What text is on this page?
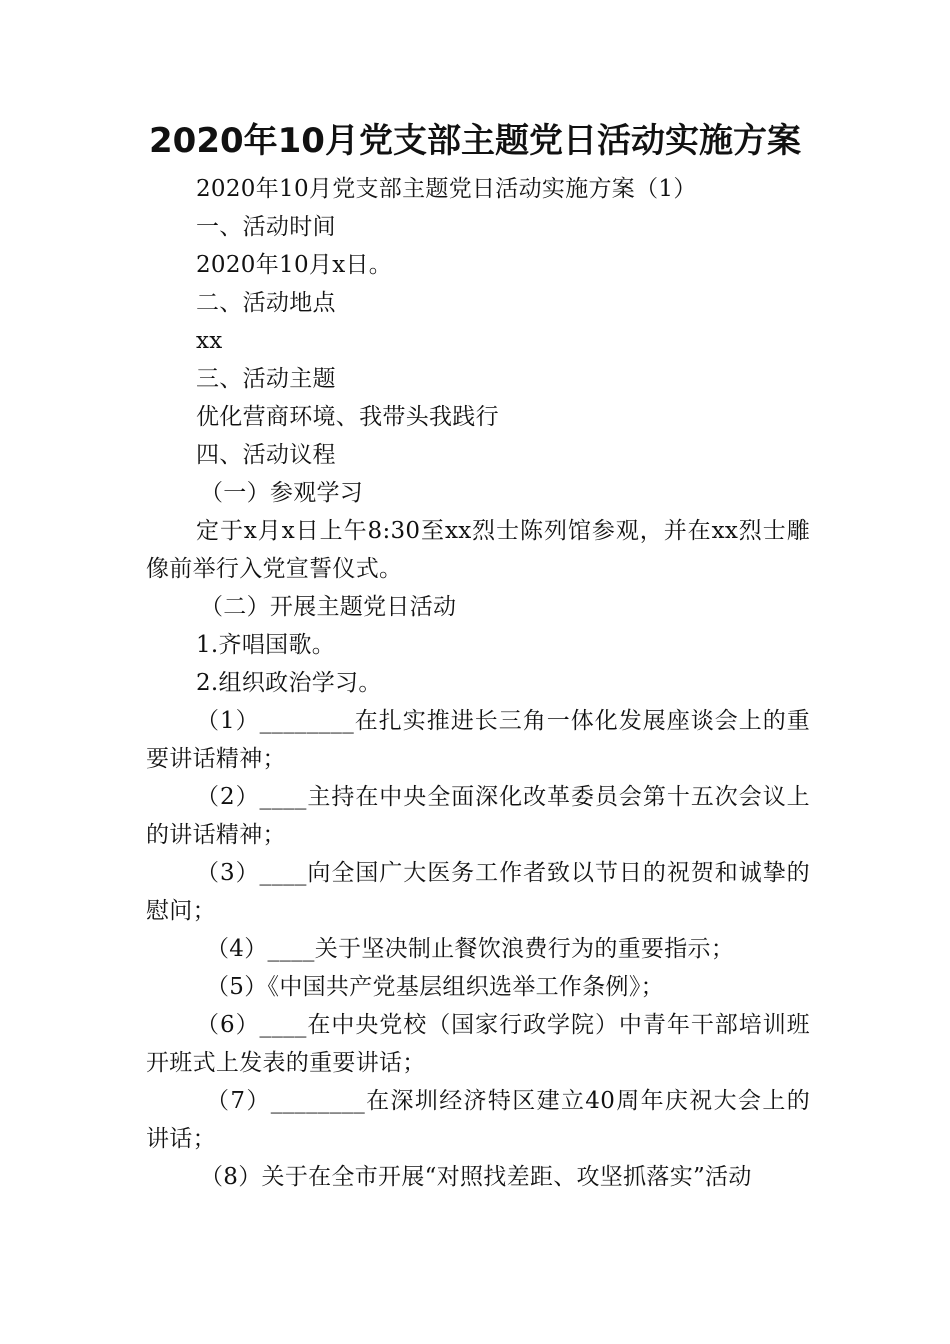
2020年10月党支部主题党日活动实施方案

2020年10月党支部主题党日活动实施方案（1）

一、活动时间

2020年10月x日。

二、活动地点

xx

三、活动主题

优化营商环境、我带头我践行

四、活动议程

（一）参观学习

定于x月x日上午8:30至xx烈士陈列馆参观，并在xx烈士雕像前举行入党宣誓仪式。

（二）开展主题党日活动

1.齐唱国歌。

2.组织政治学习。

（1）________在扎实推进长三角一体化发展座谈会上的重要讲话精神；

（2）____主持在中央全面深化改革委员会第十五次会议上的讲话精神；

（3）____向全国广大医务工作者致以节日的祝贺和诚挚的慰问；

（4）____关于坚决制止餐饮浪费行为的重要指示；

（5）《中国共产党基层组织选举工作条例》；

（6）____在中央党校（国家行政学院）中青年干部培训班开班式上发表的重要讲话；

（7）________在深圳经济特区建立40周年庆祝大会上的讲话；

（8）关于在全市开展“对照找差距、攻坚抓落实”活动
